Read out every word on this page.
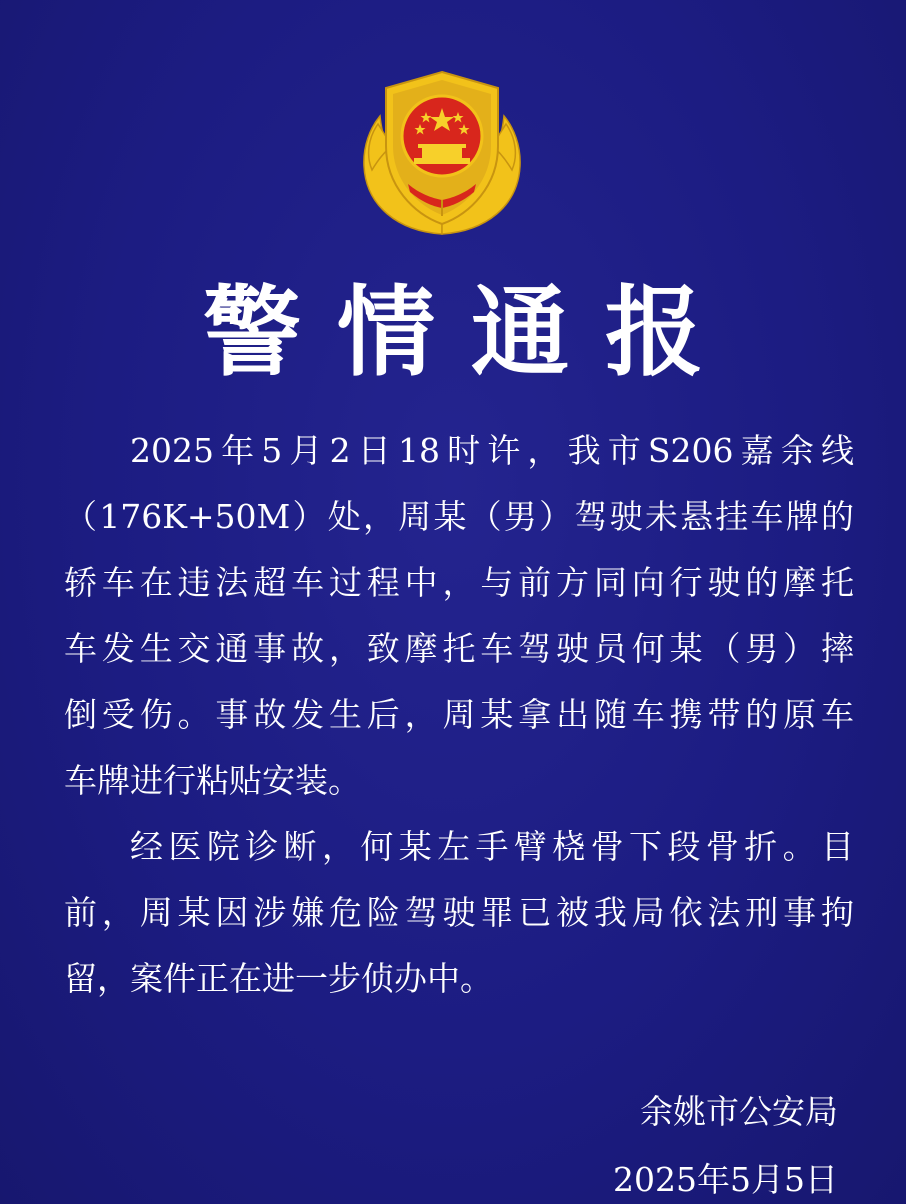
警情通报
2025年5月2日18时许，我市S206嘉余线
（176K+50M）处，周某（男）驾驶未悬挂车牌的
轿车在违法超车过程中，与前方同向行驶的摩托
车发生交通事故，致摩托车驾驶员何某（男）摔
倒受伤。事故发生后，周某拿出随车携带的原车
车牌进行粘贴安装。
经医院诊断，何某左手臂桡骨下段骨折。目
前，周某因涉嫌危险驾驶罪已被我局依法刑事拘
留，案件正在进一步侦办中。
余姚市公安局
2025年5月5日
